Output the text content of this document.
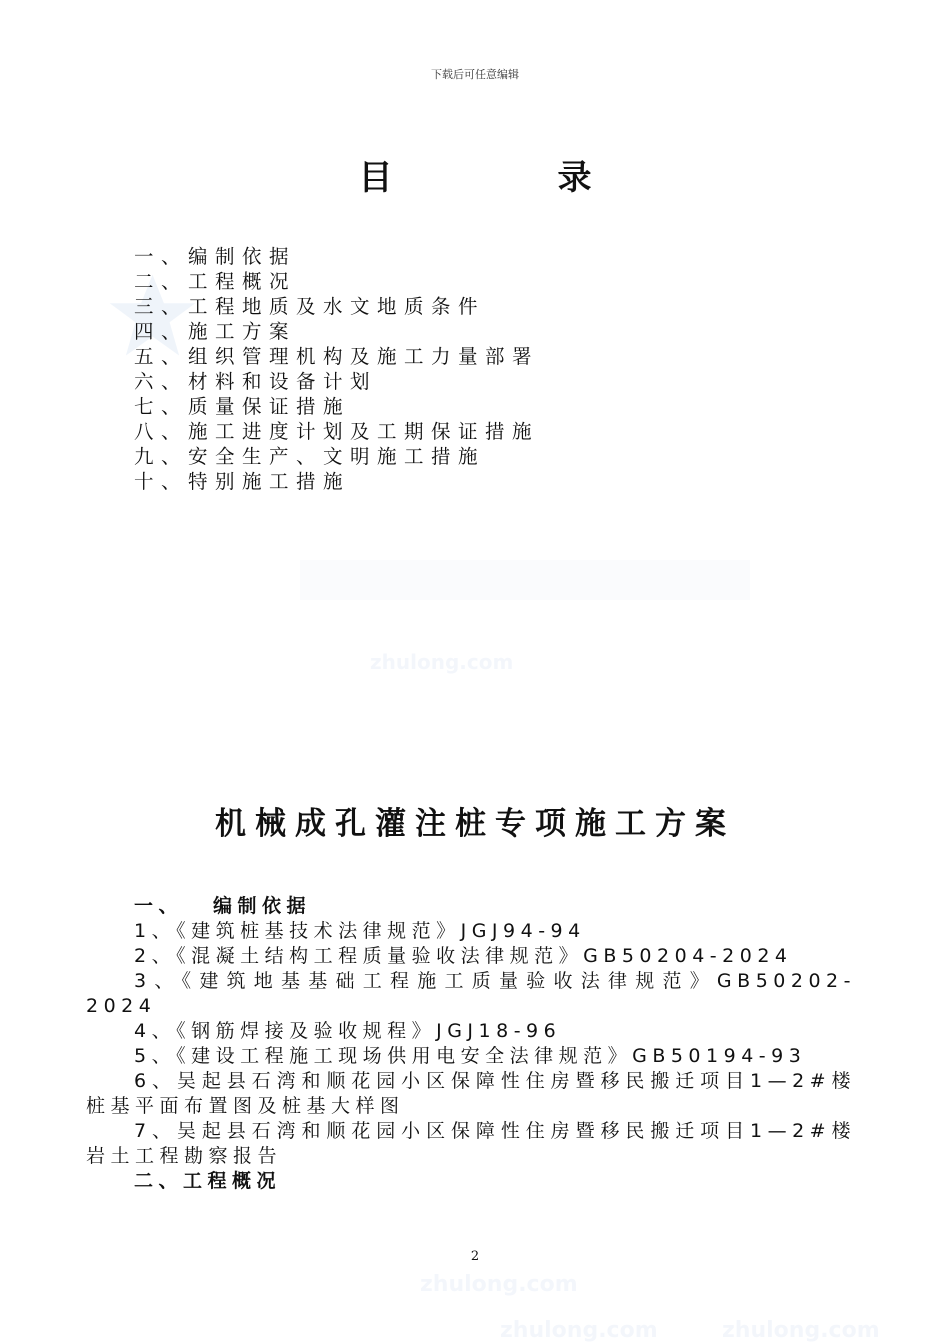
zhulong.com
zhulong.com
zhulong.com	zhulong.com
下载后可任意编辑
目	录
一、编制依据
二、工程概况
三、工程地质及水文地质条件
四、施工方案
五、组织管理机构及施工力量部署
六、材料和设备计划
七、质量保证措施
八、施工进度计划及工期保证措施
九、安全生产、文明施工措施
十、特别施工措施
机械成孔灌注桩专项施工方案
一、 编制依据
1、《建筑桩基技术法律规范》JGJ94-94
2、《混凝土结构工程质量验收法律规范》GB50204-2024
3、《建筑地基基础工程施工质量验收法律规范》GB50202-2024
4、《钢筋焊接及验收规程》JGJ18-96
5、《建设工程施工现场供用电安全法律规范》GB50194-93
6、吴起县石湾和顺花园小区保障性住房暨移民搬迁项目1—2#楼桩基平面布置图及桩基大样图
7、吴起县石湾和顺花园小区保障性住房暨移民搬迁项目1—2#楼岩土工程勘察报告
二、工程概况
2
